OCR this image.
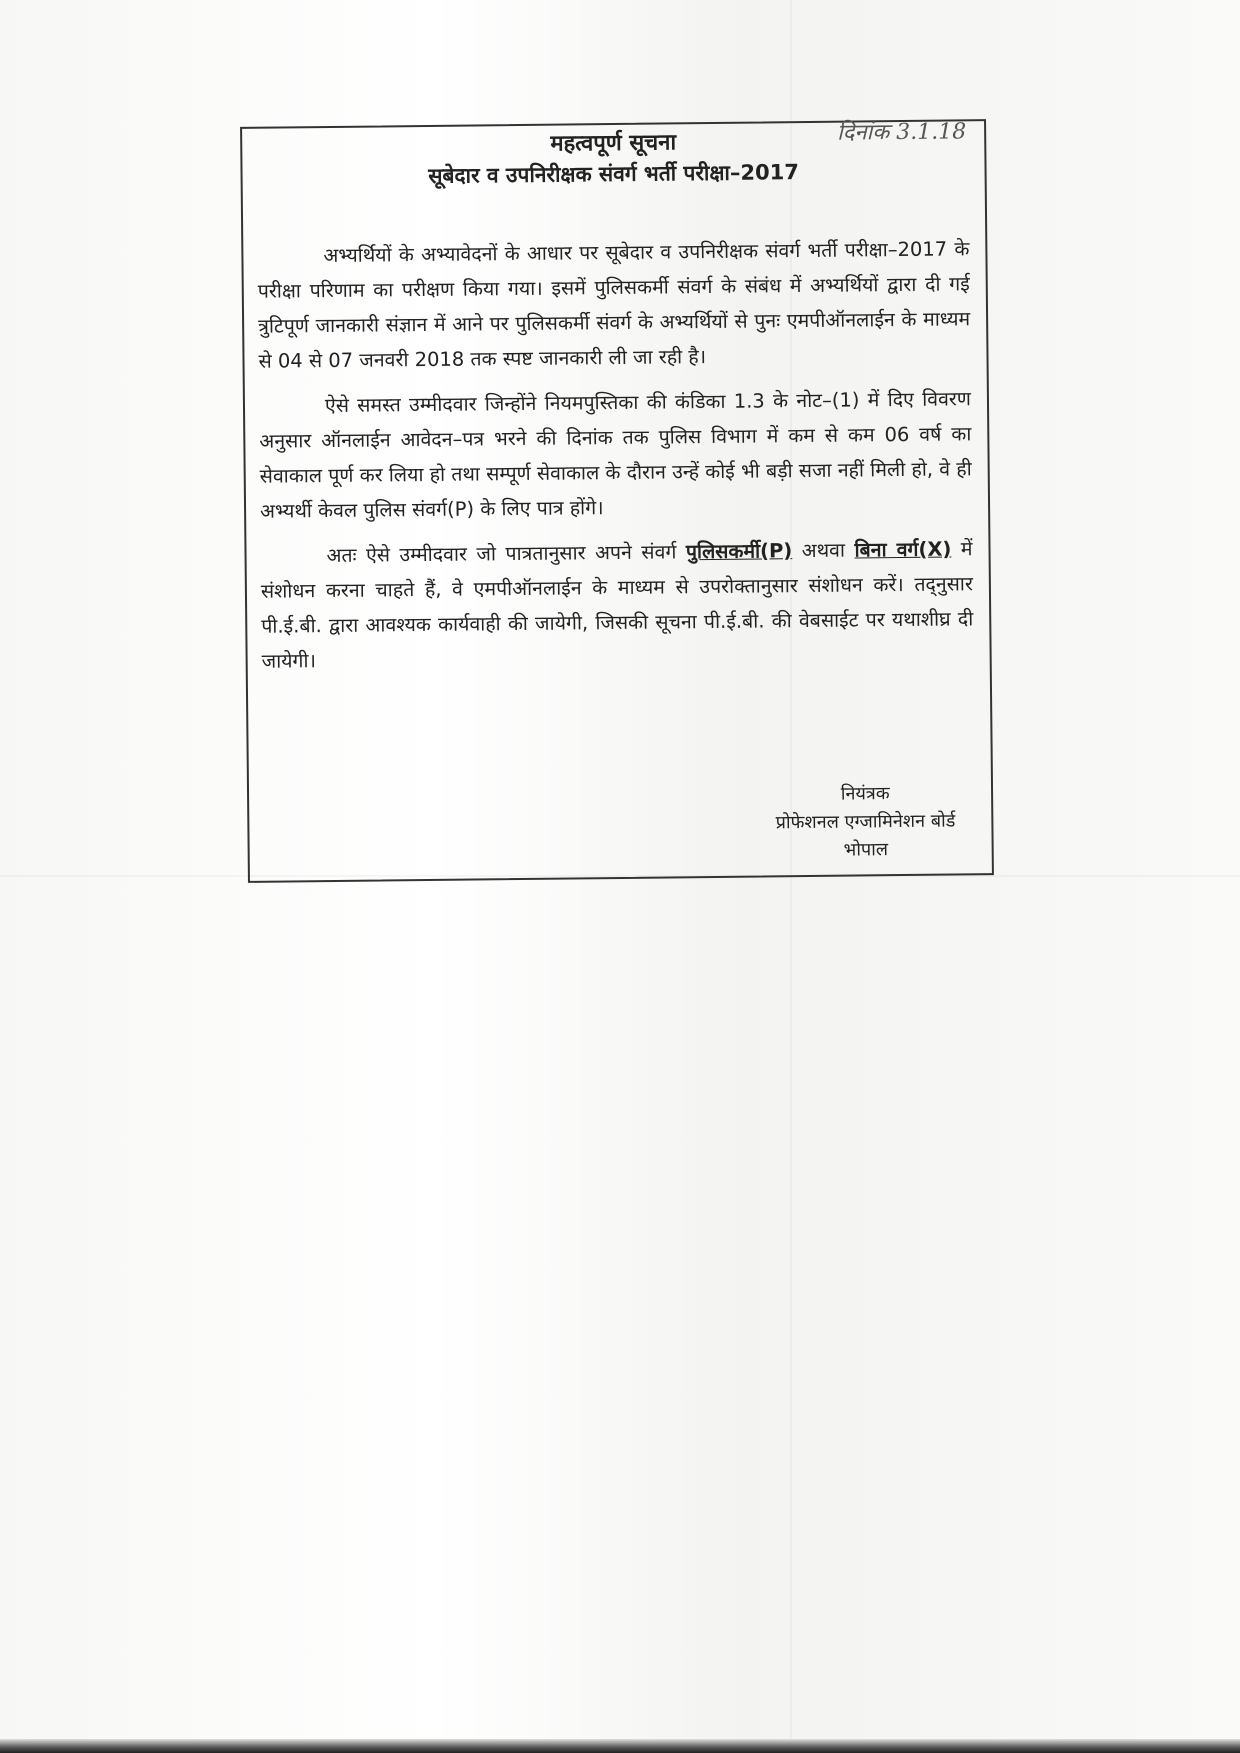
दिनांक 3.1.18
महत्वपूर्ण सूचना
सूबेदार व उपनिरीक्षक संवर्ग भर्ती परीक्षा–2017

अभ्यर्थियों के अभ्यावेदनों के आधार पर सूबेदार व उपनिरीक्षक संवर्ग भर्ती परीक्षा–2017 के परीक्षा परिणाम का परीक्षण किया गया। इसमें पुलिसकर्मी संवर्ग के संबंध में अभ्यर्थियों द्वारा दी गई त्रुटिपूर्ण जानकारी संज्ञान में आने पर पुलिसकर्मी संवर्ग के अभ्यर्थियों से पुनः एमपीऑनलाईन के माध्यम से 04 से 07 जनवरी 2018 तक स्पष्ट जानकारी ली जा रही है।

ऐसे समस्त उम्मीदवार जिन्होंने नियमपुस्तिका की कंडिका 1.3 के नोट–(1) में दिए विवरण अनुसार ऑनलाईन आवेदन–पत्र भरने की दिनांक तक पुलिस विभाग में कम से कम 06 वर्ष का सेवाकाल पूर्ण कर लिया हो तथा सम्पूर्ण सेवाकाल के दौरान उन्हें कोई भी बड़ी सजा नहीं मिली हो, वे ही अभ्यर्थी केवल पुलिस संवर्ग(P) के लिए पात्र होंगे।

अतः ऐसे उम्मीदवार जो पात्रतानुसार अपने संवर्ग पुलिसकर्मी(P) अथवा बिना वर्ग(X) में संशोधन करना चाहते हैं, वे एमपीऑनलाईन के माध्यम से उपरोक्तानुसार संशोधन करें। तद्नुसार पी.ई.बी. द्वारा आवश्यक कार्यवाही की जायेगी, जिसकी सूचना पी.ई.बी. की वेबसाईट पर यथाशीघ्र दी जायेगी।

नियंत्रक
प्रोफेशनल एग्जामिनेशन बोर्ड
भोपाल
